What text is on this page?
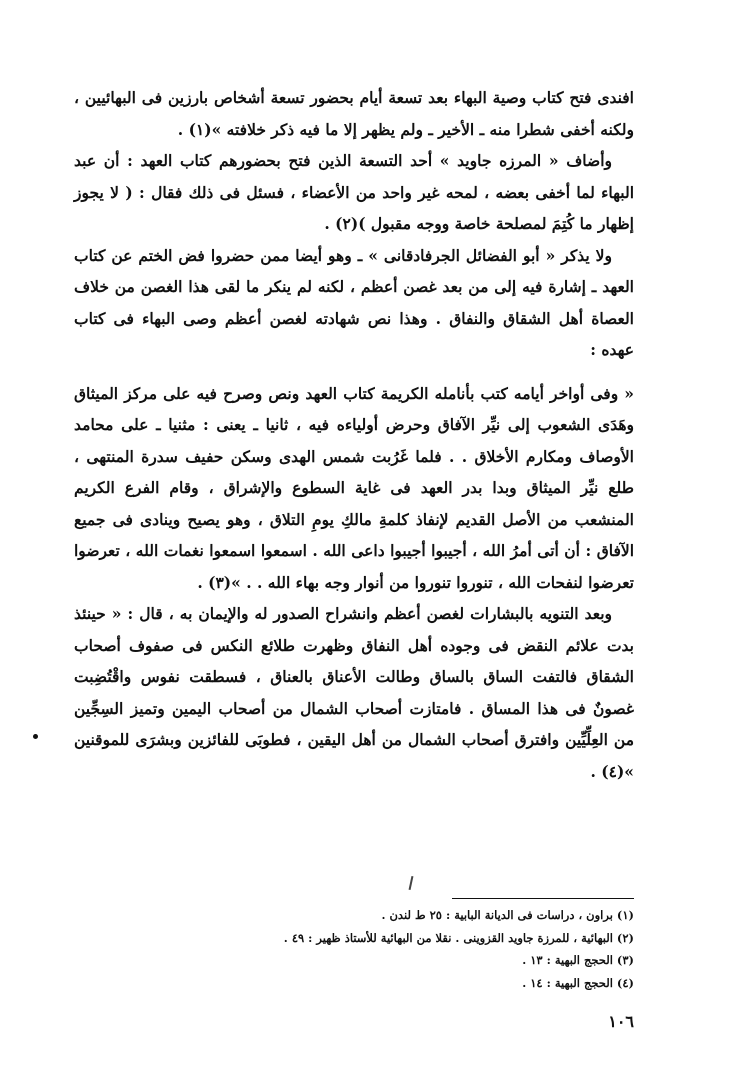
افندى فتح كتاب وصية البهاء بعد تسعة أيام بحضور تسعة أشخاص بارزين فى البهائيين ، ولكنه أخفى شطرا منه ـ الأخير ـ ولم يظهر إلا ما فيه ذكر خلافته »(١) .

وأضاف « المرزه جاويد » أحد التسعة الذين فتح بحضورهم كتاب العهد : أن عبد البهاء لما أخفى بعضه ، لمحه غير واحد من الأعضاء ، فسئل فى ذلك فقال : ( لا يجوز إظهار ما كُتِمَ لمصلحة خاصة ووجه مقبول )(٢) .

ولا يذكر « أبو الفضائل الجرفادقانى » ـ وهو أيضا ممن حضروا فض الختم عن كتاب العهد ـ إشارة فيه إلى من بعد غصن أعظم ، لكنه لم ينكر ما لقى هذا الغصن من خلاف العصاة أهل الشقاق والنفاق . وهذا نص شهادته لغصن أعظم وصى البهاء فى كتاب عهده :

« وفى أواخر أيامه كتب بأنامله الكريمة كتاب العهد ونص وصرح فيه على مركز الميثاق وهَدَى الشعوب إلى نيِّر الآفاق وحرض أولياءه فيه ، ثانيا ـ يعنى : مثنيا ـ على محامد الأوصاف ومكارم الأخلاق . . فلما غَرُبت شمس الهدى وسكن حفيف سدرة المنتهى ، طلع نيِّر الميثاق وبدا بدر العهد فى غاية السطوع والإشراق ، وقام الفرع الكريم المنشعب من الأصل القديم لإنفاذ كلمةِ مالكِ يومِ التلاق ، وهو يصيح وينادى فى جميع الآفاق : أن أتى أمرُ الله ، أجيبوا أجيبوا داعى الله . اسمعوا اسمعوا نغمات الله ، تعرضوا تعرضوا لنفحات الله ، تنوروا تنوروا من أنوار وجه بهاء الله . . »(٣) .

وبعد التنويه بالبشارات لغصن أعظم وانشراح الصدور له والإيمان به ، قال : « حينئذ بدت علائم النقض فى وجوده أهل النفاق وظهرت طلائع النكس فى صفوف أصحاب الشقاق فالتفت الساق بالساق وطالت الأعناق بالعناق ، فسطقت نفوس واقْتُضِبت غصونٌ فى هذا المساق . فامتازت أصحاب الشمال من أصحاب اليمين وتميز السِجِّين من العِلِّيِّين وافترق أصحاب الشمال من أهل اليقين ، فطوبَى للفائزين وبشرَى للموقنين »(٤) .

(١) براون ، دراسات فى الديانة البابية : ٢٥ ط لندن .
(٢) البهائية ، للمرزة جاويد القزوينى . نقلا من البهائية للأستاذ ظهير : ٤٩ .
(٣) الحجج البهية : ١٣ .
(٤) الحجج البهية : ١٤ .
١٠٦
